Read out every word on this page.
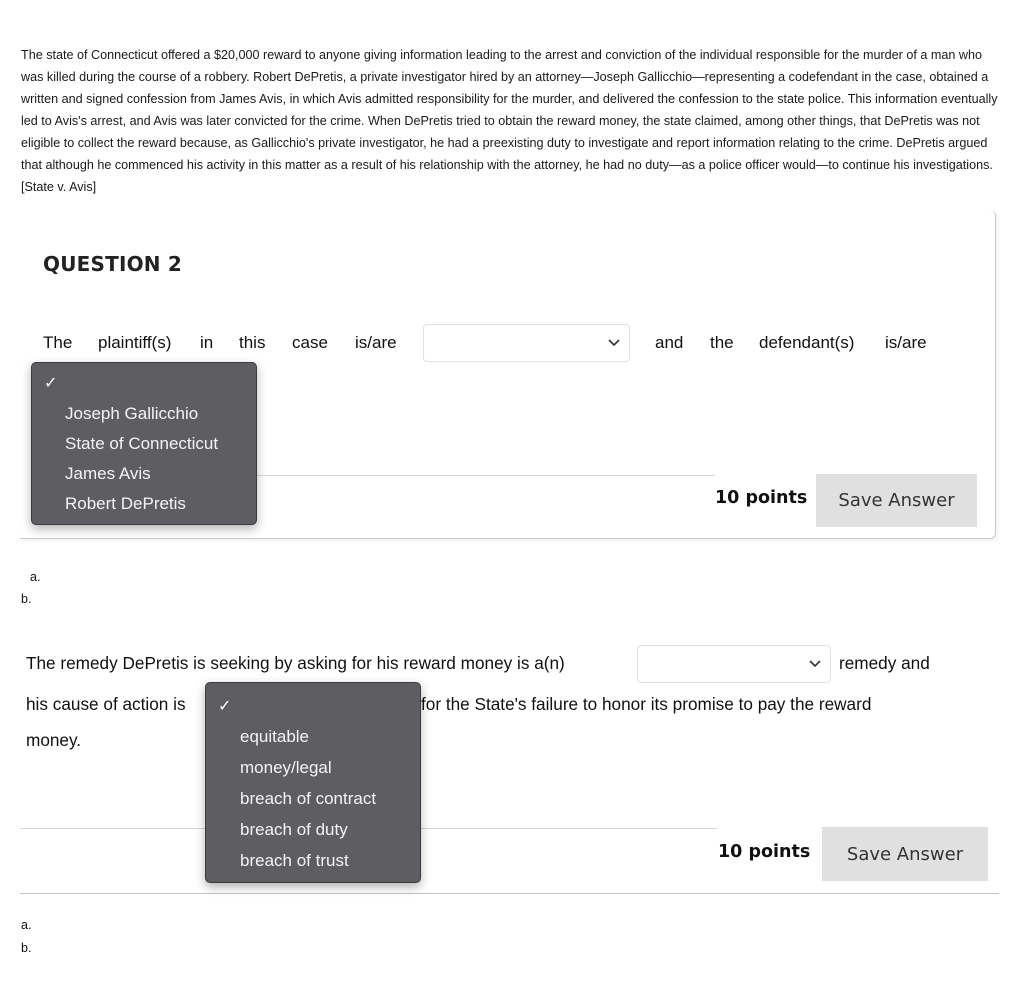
The state of Connecticut offered a $20,000 reward to anyone giving information leading to the arrest and conviction of the individual responsible for the murder of a man who was killed during the course of a robbery. Robert DePretis, a private investigator hired by an attorney—Joseph Gallicchio—representing a codefendant in the case, obtained a written and signed confession from James Avis, in which Avis admitted responsibility for the murder, and delivered the confession to the state police. This information eventually led to Avis's arrest, and Avis was later convicted for the crime. When DePretis tried to obtain the reward money, the state claimed, among other things, that DePretis was not eligible to collect the reward because, as Gallicchio's private investigator, he had a preexisting duty to investigate and report information relating to the crime. DePretis argued that although he commenced his activity in this matter as a result of his relationship with the attorney, he had no duty—as a police officer would—to continue his investigations. [State v. Avis]

QUESTION 2
The plaintiff(s) in this case is/are	and the defendant(s) is/are
10 points	Save Answer
a.
b.
✓
Joseph Gallicchio
State of Connecticut
James Avis
Robert DePretis
The remedy DePretis is seeking by asking for his reward money is a(n)	remedy and
his cause of action is	for the State's failure to honor its promise to pay the reward
money.
10 points	Save Answer
a.
b.
✓
equitable
money/legal
breach of contract
breach of duty
breach of trust
